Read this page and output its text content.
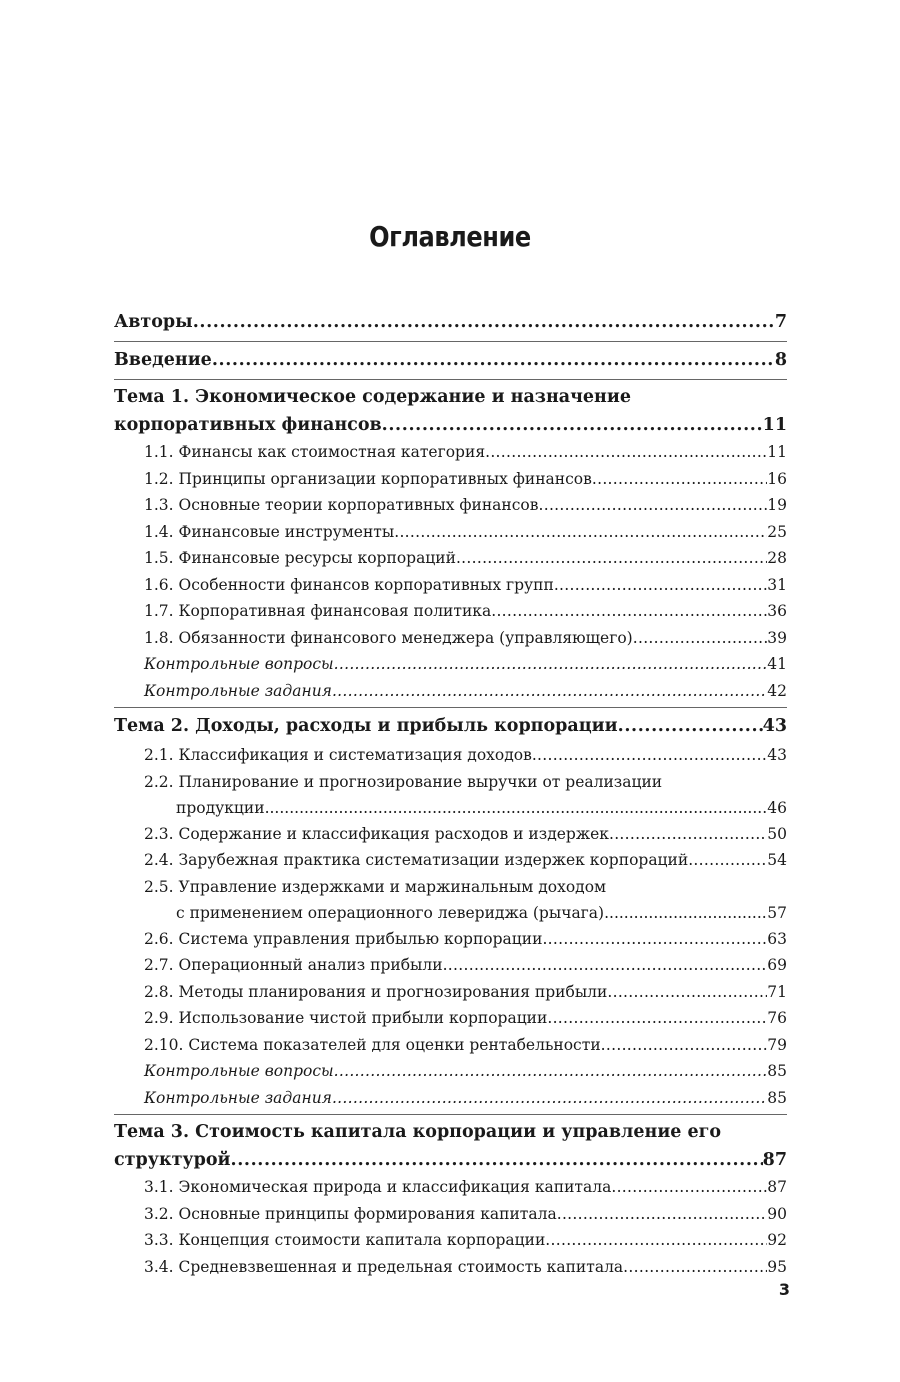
Оглавление
Авторы .....	7
Введение .....	8
Тема 1. Экономическое содержание и назначение
корпоративных финансов .....	11
1.1. Финансы как стоимостная категория .....	11
1.2. Принципы организации корпоративных финансов .....	16
1.3. Основные теории корпоративных финансов .....	19
1.4. Финансовые инструменты .....	25
1.5. Финансовые ресурсы корпораций .....	28
1.6. Особенности финансов корпоративных групп .....	31
1.7. Корпоративная финансовая политика .....	36
1.8. Обязанности финансового менеджера (управляющего) .....	39
Контрольные вопросы .....	41
Контрольные задания .....	42
Тема 2. Доходы, расходы и прибыль корпорации .....	43
2.1. Классификация и систематизация доходов .....	43
2.2. Планирование и прогнозирование выручки от реализации
продукции .....	46
2.3. Содержание и классификация расходов и издержек .....	50
2.4. Зарубежная практика систематизации издержек корпораций .....	54
2.5. Управление издержками и маржинальным доходом
с применением операционного левериджа (рычага) .....	57
2.6. Система управления прибылью корпорации .....	63
2.7. Операционный анализ прибыли .....	69
2.8. Методы планирования и прогнозирования прибыли .....	71
2.9. Использование чистой прибыли корпорации .....	76
2.10. Система показателей для оценки рентабельности .....	79
Контрольные вопросы .....	85
Контрольные задания .....	85
Тема 3. Стоимость капитала корпорации и управление его
структурой .....	87
3.1. Экономическая природа и классификация капитала .....	87
3.2. Основные принципы формирования капитала .....	90
3.3. Концепция стоимости капитала корпорации .....	92
3.4. Средневзвешенная и предельная стоимость капитала .....	95
3
